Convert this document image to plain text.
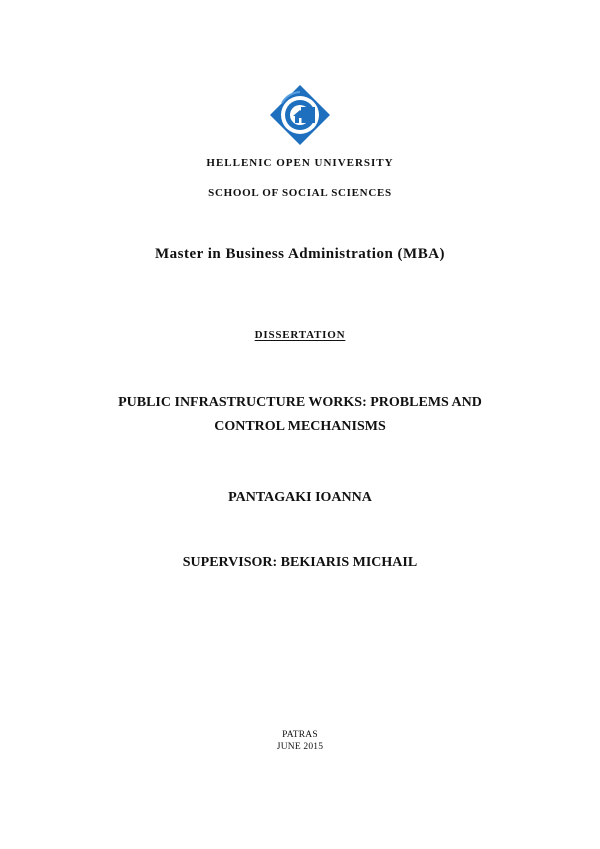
HELLENIC OPEN UNIVERSITY

SCHOOL OF SOCIAL SCIENCES

Master in Business Administration (MBA)

DISSERTATION

PUBLIC INFRASTRUCTURE WORKS: PROBLEMS AND
CONTROL MECHANISMS

PANTAGAKI IOANNA

SUPERVISOR: BEKIARIS MICHAIL

PATRAS

JUNE 2015
